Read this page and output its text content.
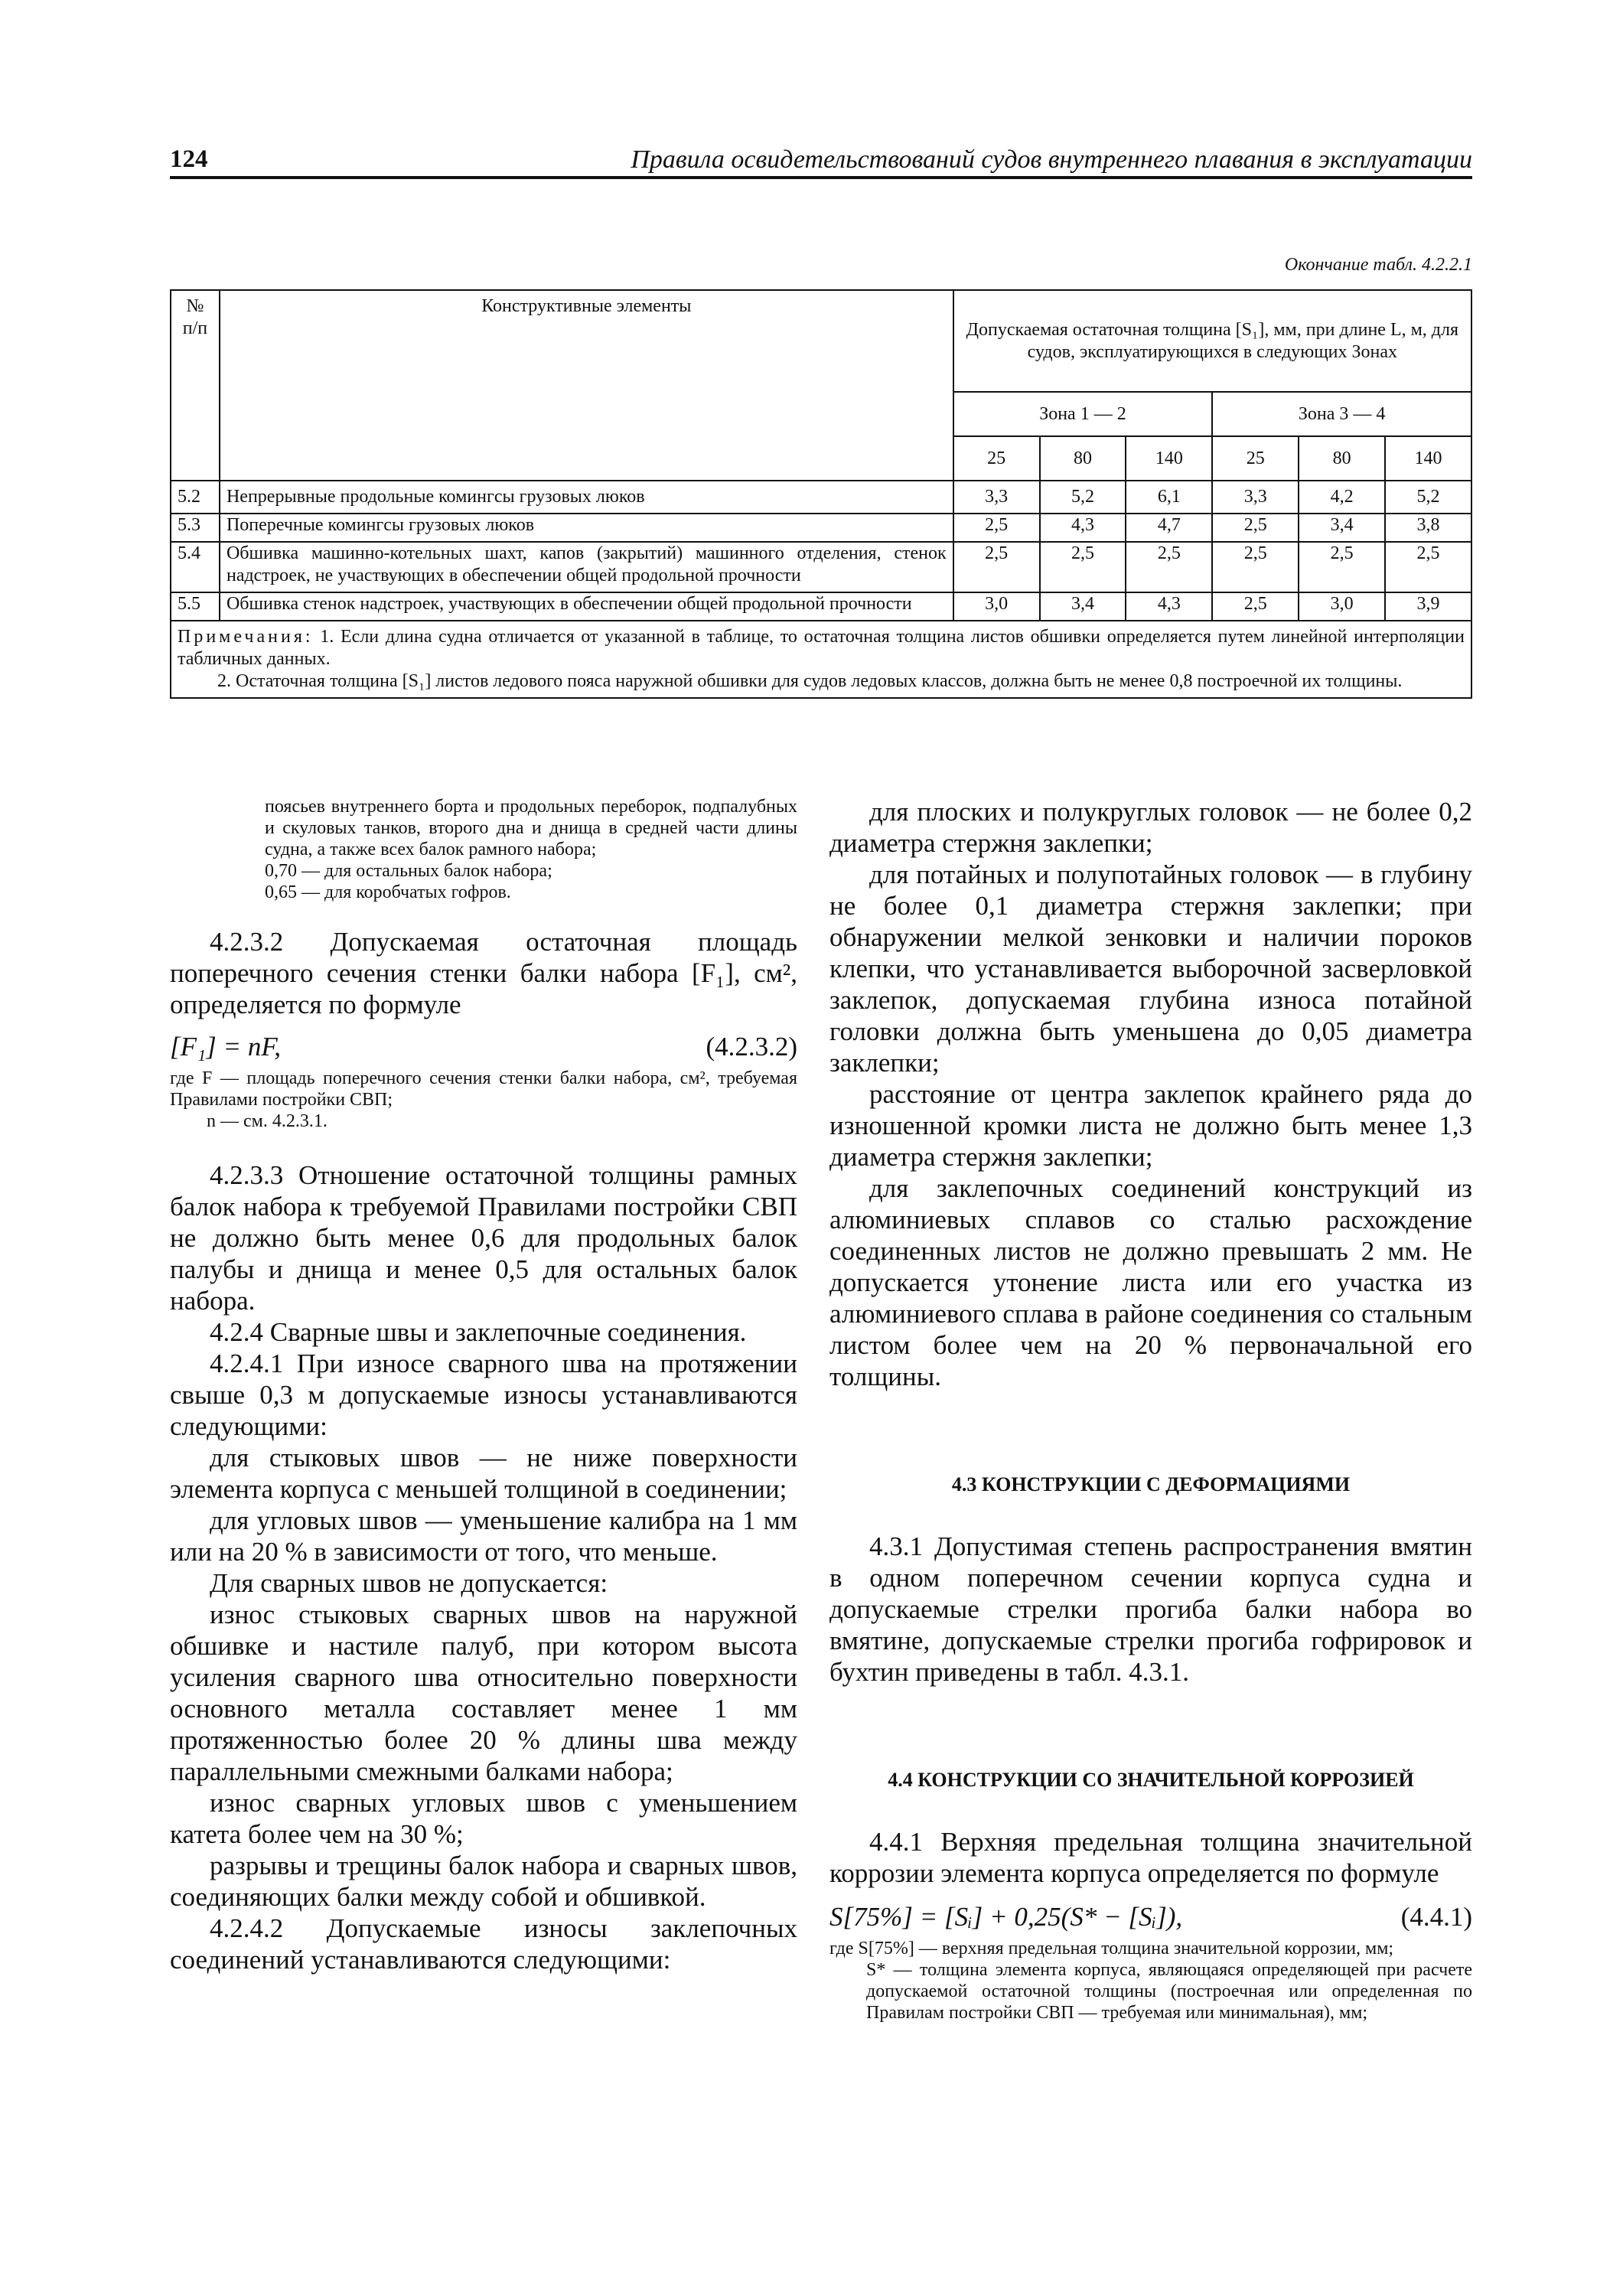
124	Правила освидетельствований судов внутреннего плавания в эксплуатации
Окончание табл. 4.2.2.1
№ п/п	Конструктивные элементы	Допускаемая остаточная толщина [S₁], мм, при длине L, м, для судов, эксплуатирующихся в следующих Зонах					
		Зона 1 — 2			Зона 3 — 4		
		25	80	140	25	80	140
5.2	Непрерывные продольные комингсы грузовых люков	3,3	5,2	6,1	3,3	4,2	5,2
5.3	Поперечные комингсы грузовых люков	2,5	4,3	4,7	2,5	3,4	3,8
5.4	Обшивка машинно-котельных шахт, капов (закрытий) машинного отделения, стенок надстроек, не участвующих в обеспечении общей продольной прочности	2,5	2,5	2,5	2,5	2,5	2,5
5.5	Обшивка стенок надстроек, участвующих в обеспечении общей продольной прочности	3,0	3,4	4,3	2,5	3,0	3,9

Примечания: 1. Если длина судна отличается от указанной в таблице, то остаточная толщина листов обшивки определяется путем линейной интерполяции табличных данных.
2. Остаточная толщина [S₁] листов ледового пояса наружной обшивки для судов ледовых классов, должна быть не менее 0,8 построечной их толщины.							

поясьев внутреннего борта и продольных переборок, подпалубных и скуловых танков, второго дна и днища в средней части длины судна, а также всех балок рамного набора;

0,70 — для остальных балок набора;

0,65 — для коробчатых гофров.

4.2.3.2 Допускаемая остаточная площадь поперечного сечения стенки балки набора [F₁], см², определяется по формуле

[F₁] = nF,	(4.2.3.2)

где F — площадь поперечного сечения стенки балки набора, см², требуемая Правилами постройки СВП;

n — см. 4.2.3.1.

4.2.3.3 Отношение остаточной толщины рамных балок набора к требуемой Правилами постройки СВП не должно быть менее 0,6 для продольных балок палубы и днища и менее 0,5 для остальных балок набора.

4.2.4 Сварные швы и заклепочные соединения.

4.2.4.1 При износе сварного шва на протяжении свыше 0,3 м допускаемые износы устанавливаются следующими:

для стыковых швов — не ниже поверхности элемента корпуса с меньшей толщиной в соединении;

для угловых швов — уменьшение калибра на 1 мм или на 20 % в зависимости от того, что меньше.

Для сварных швов не допускается:

износ стыковых сварных швов на наружной обшивке и настиле палуб, при котором высота усиления сварного шва относительно поверхности основного металла составляет менее 1 мм протяженностью более 20 % длины шва между параллельными смежными балками набора;

износ сварных угловых швов с уменьшением катета более чем на 30 %;

разрывы и трещины балок набора и сварных швов, соединяющих балки между собой и обшивкой.

4.2.4.2 Допускаемые износы заклепочных соединений устанавливаются следующими:

для плоских и полукруглых головок — не более 0,2 диаметра стержня заклепки;

для потайных и полупотайных головок — в глубину не более 0,1 диаметра стержня заклепки; при обнаружении мелкой зенковки и наличии пороков клепки, что устанавливается выборочной засверловкой заклепок, допускаемая глубина износа потайной головки должна быть уменьшена до 0,05 диаметра заклепки;

расстояние от центра заклепок крайнего ряда до изношенной кромки листа не должно быть менее 1,3 диаметра стержня заклепки;

для заклепочных соединений конструкций из алюминиевых сплавов со сталью расхождение соединенных листов не должно превышать 2 мм. Не допускается утонение листа или его участка из алюминиевого сплава в районе соединения со стальным листом более чем на 20 % первоначальной его толщины.

4.3 КОНСТРУКЦИИ С ДЕФОРМАЦИЯМИ

4.3.1 Допустимая степень распространения вмятин в одном поперечном сечении корпуса судна и допускаемые стрелки прогиба балки набора во вмятине, допускаемые стрелки прогиба гофрировок и бухтин приведены в табл. 4.3.1.

4.4 КОНСТРУКЦИИ СО ЗНАЧИТЕЛЬНОЙ КОРРОЗИЕЙ

4.4.1 Верхняя предельная толщина значительной коррозии элемента корпуса определяется по формуле

S[75%] = [Sᵢ] + 0,25(S* − [Sᵢ]),	(4.4.1)

где S[75%] — верхняя предельная толщина значительной коррозии, мм;

S* — толщина элемента корпуса, являющаяся определяющей при расчете допускаемой остаточной толщины (построечная или определенная по Правилам постройки СВП — требуемая или минимальная), мм;
